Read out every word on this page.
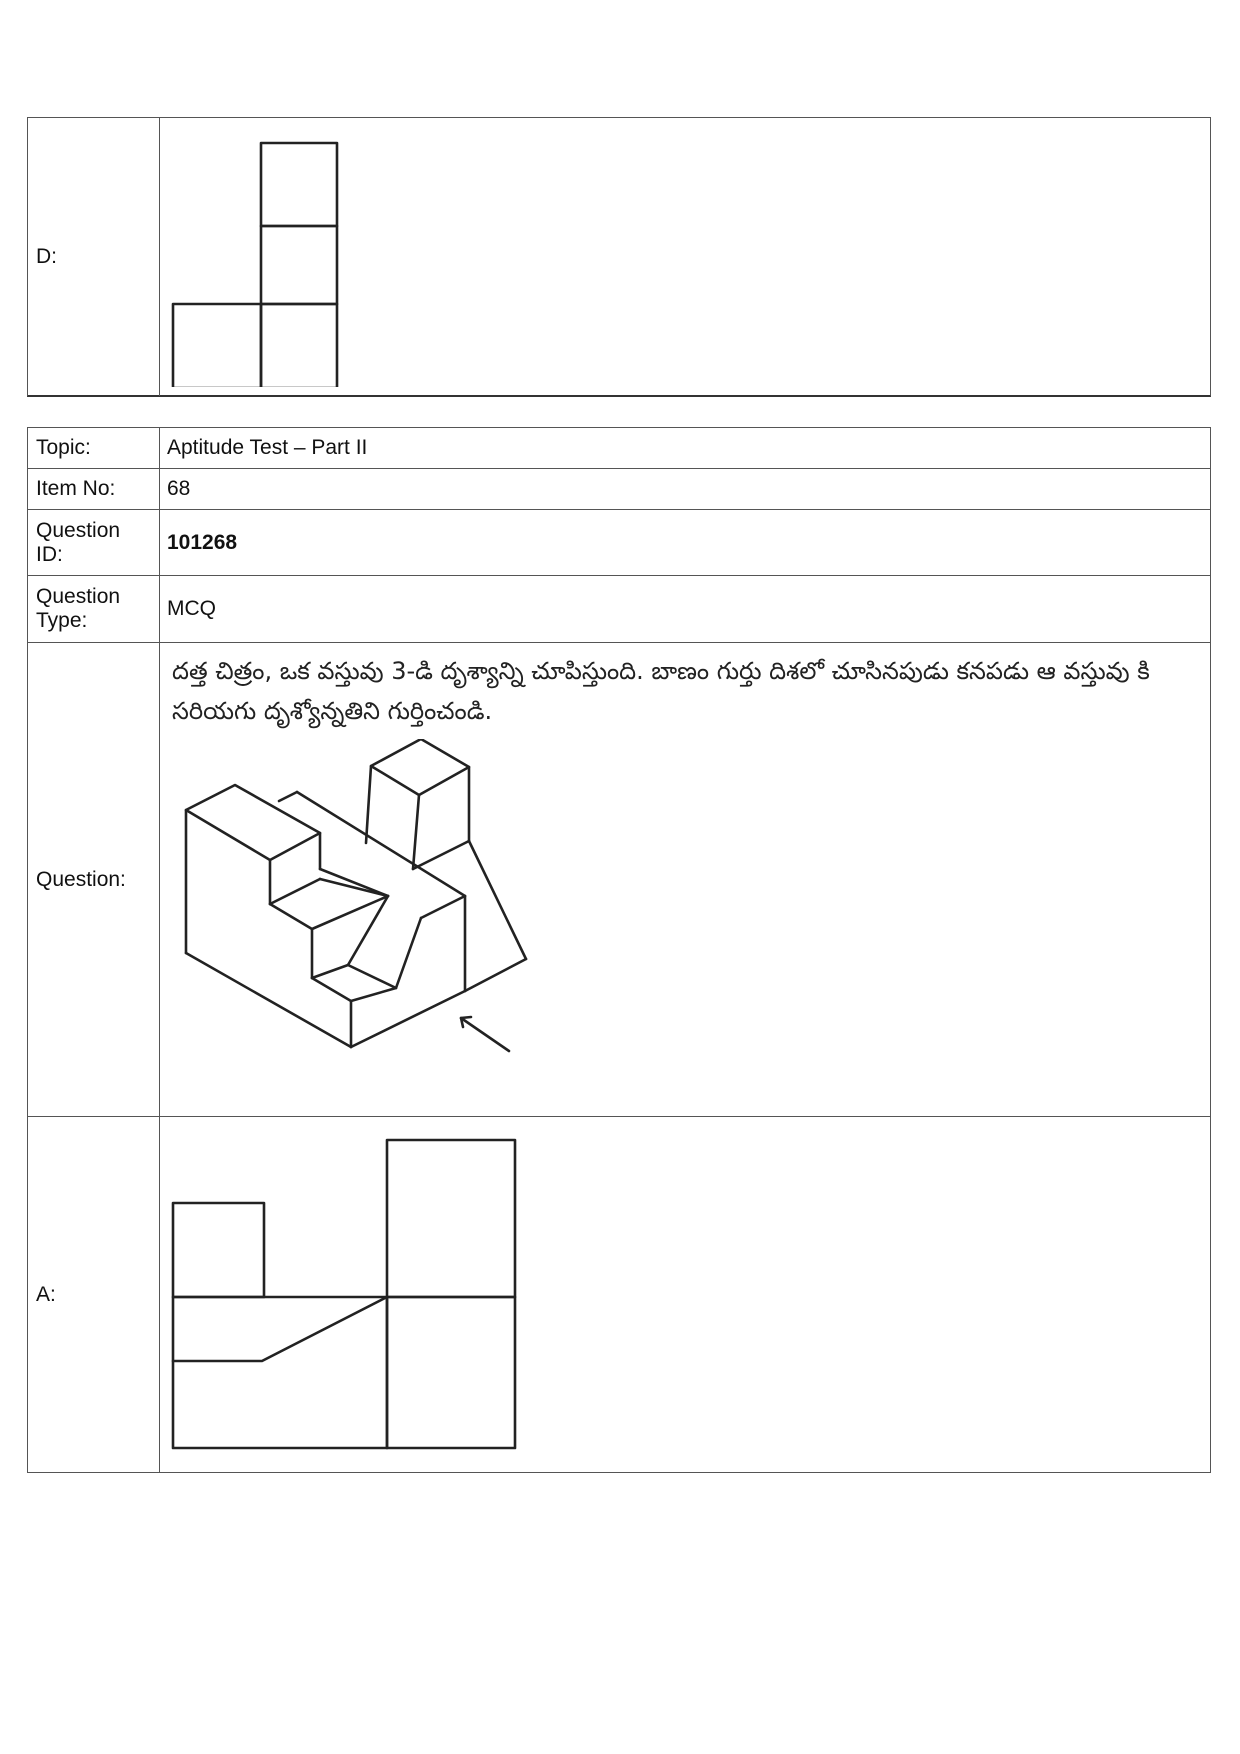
D:
Topic:	Aptitude Test – Part II
Item No:	68
Question ID:
101268
Question Type:
MCQ
Question:
దత్త చిత్రం, ఒక వస్తువు 3-డి దృశ్యాన్ని చూపిస్తుంది. బాణం గుర్తు దిశలో చూసినపుడు కనపడు ఆ వస్తువు కి సరియగు దృశ్యోన్నతిని గుర్తించండి.
A:
